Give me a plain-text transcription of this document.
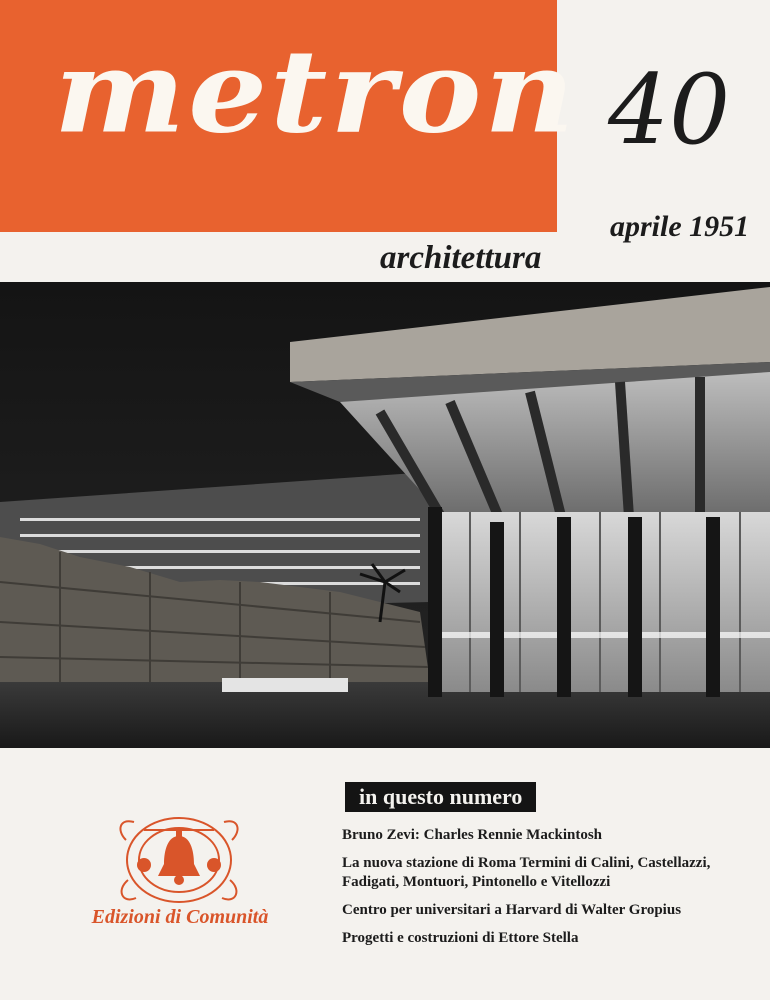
metron 40
aprile 1951
architettura
Edizioni di Comunità
in questo numero
Bruno Zevi: Charles Rennie Mackintosh
La nuova stazione di Roma Termini di Calini, Castellazzi, Fadigati, Montuori, Pintonello e Vitellozzi
Centro per universitari a Harvard di Walter Gropius
Progetti e costruzioni di Ettore Stella
